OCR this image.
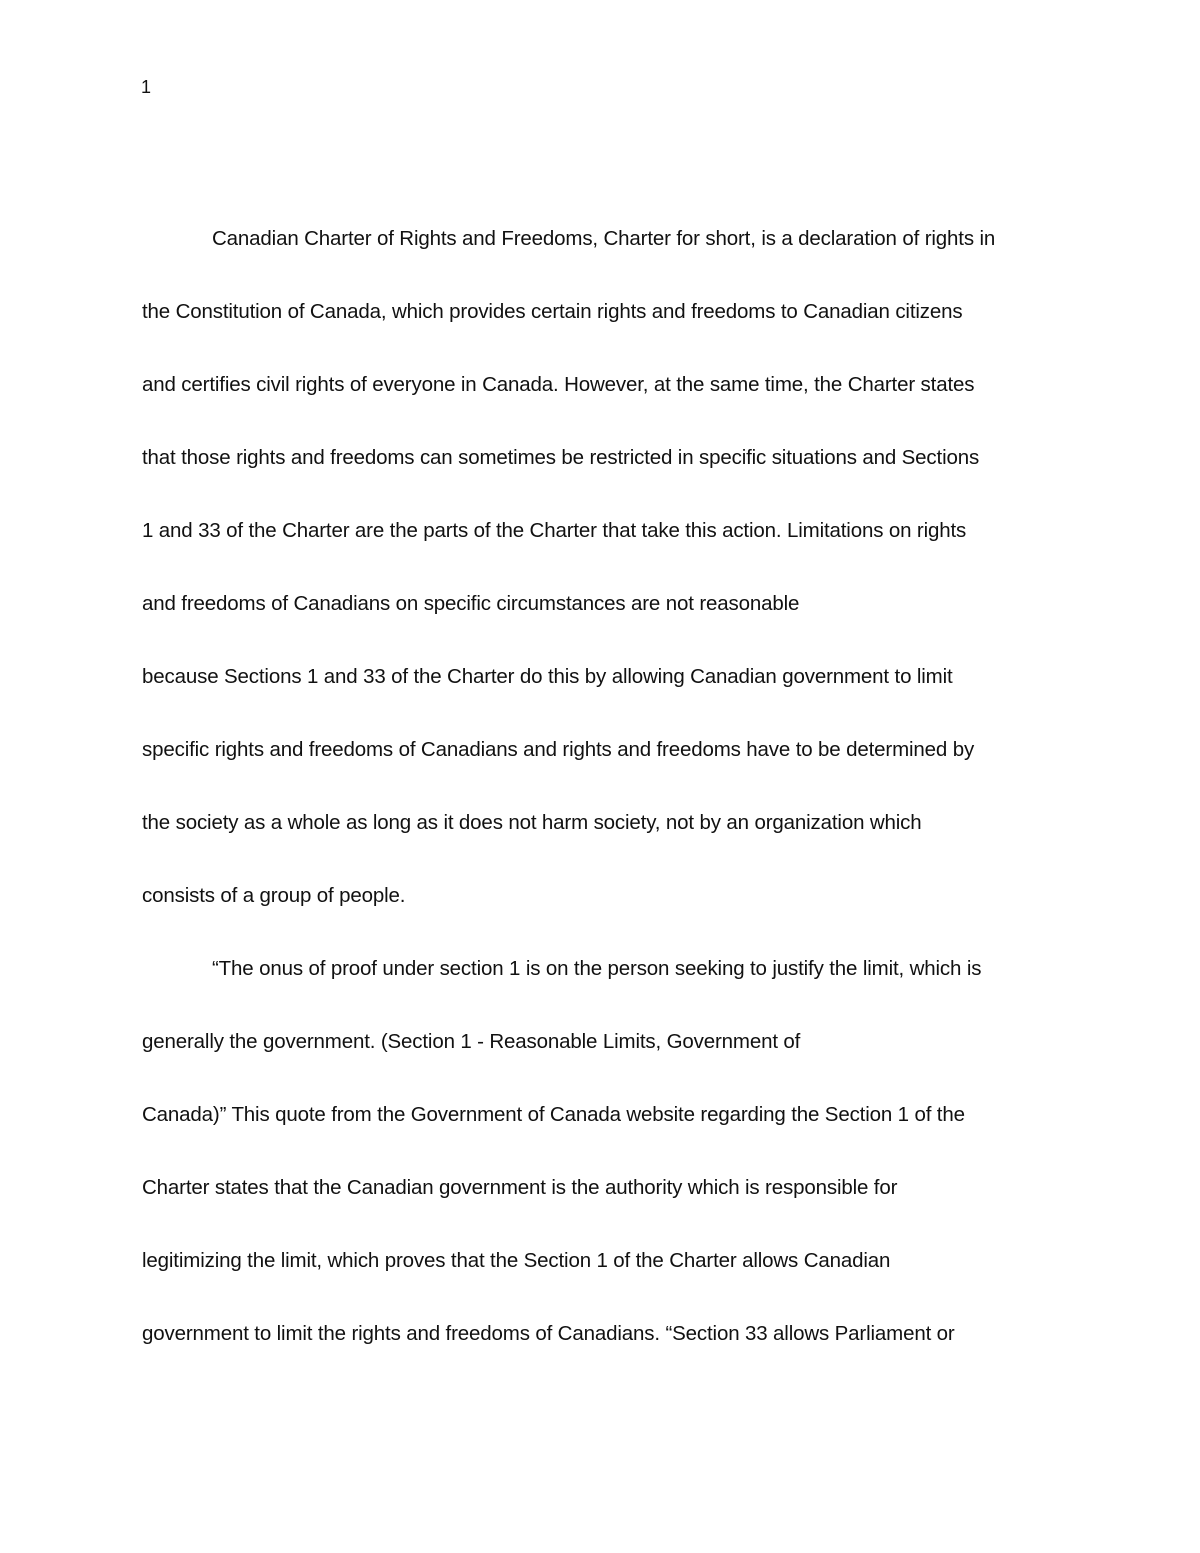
1
Canadian Charter of Rights and Freedoms, Charter for short, is a declaration of rights in
the Constitution of Canada, which provides certain rights and freedoms to Canadian citizens
and certifies civil rights of everyone in Canada. However, at the same time, the Charter states
that those rights and freedoms can sometimes be restricted in specific situations and Sections
1 and 33 of the Charter are the parts of the Charter that take this action. Limitations on rights
and freedoms of Canadians on specific circumstances are not reasonable
because Sections 1 and 33 of the Charter do this by allowing Canadian government to limit
specific rights and freedoms of Canadians and rights and freedoms have to be determined by
the society as a whole as long as it does not harm society, not by an organization which
consists of a group of people.
“The onus of proof under section 1 is on the person seeking to justify the limit, which is
generally the government. (Section 1 - Reasonable Limits, Government of
Canada)” This quote from the Government of Canada website regarding the Section 1 of the
Charter states that the Canadian government is the authority which is responsible for
legitimizing the limit, which proves that the Section 1 of the Charter allows Canadian
government to limit the rights and freedoms of Canadians. “Section 33 allows Parliament or
